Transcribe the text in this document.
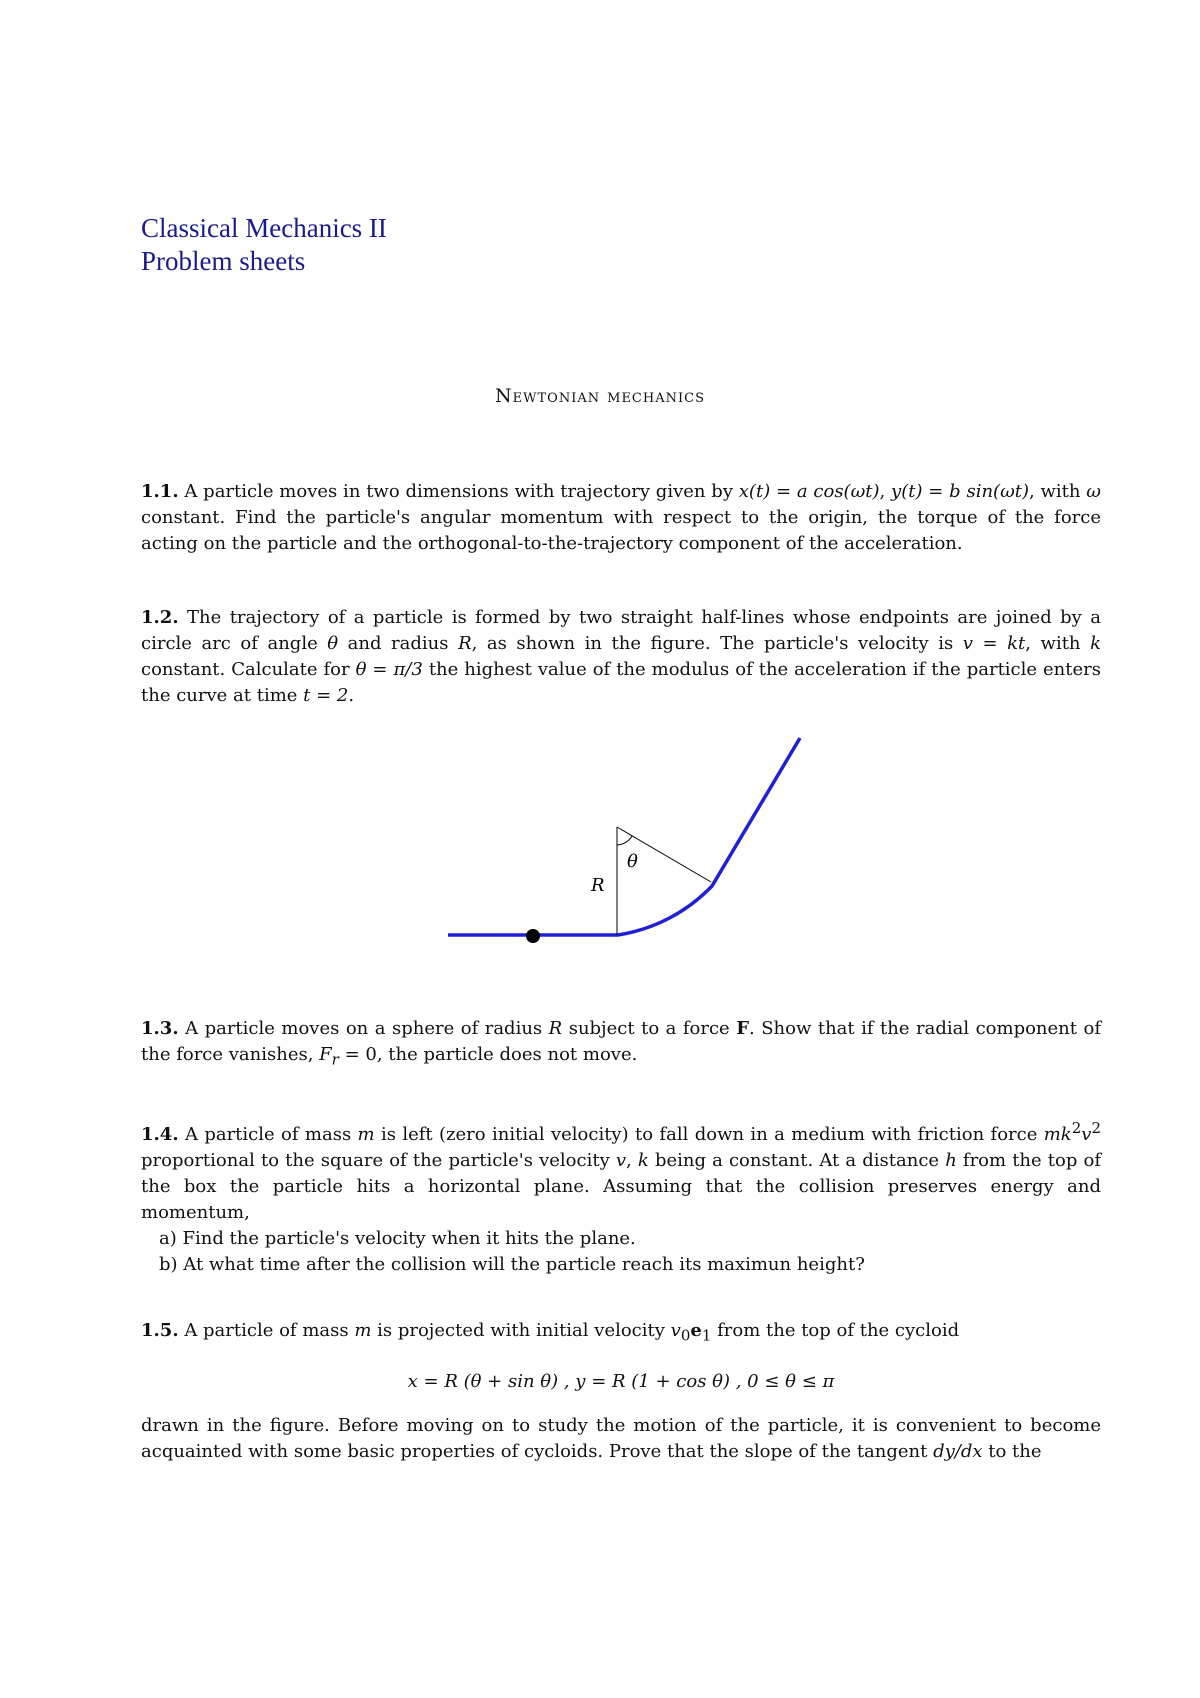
Classical Mechanics II
Problem sheets
Newtonian mechanics

1.1. A particle moves in two dimensions with trajectory given by x(t) = a cos(ωt), y(t) = b sin(ωt), with ω constant. Find the particle's angular momentum with respect to the origin, the torque of the force acting on the particle and the orthogonal-to-the-trajectory component of the acceleration.

1.2. The trajectory of a particle is formed by two straight half-lines whose endpoints are joined by a circle arc of angle θ and radius R, as shown in the figure. The particle's velocity is v = kt, with k constant. Calculate for θ = π/3 the highest value of the modulus of the acceleration if the particle enters the curve at time t = 2.

θ
R

1.3. A particle moves on a sphere of radius R subject to a force F. Show that if the radial component of the force vanishes, $F_r = 0$, the particle does not move.

1.4. A particle of mass m is left (zero initial velocity) to fall down in a medium with friction force $mk^2v^2$ proportional to the square of the particle's velocity v, k being a constant. At a distance h from the top of the box the particle hits a horizontal plane. Assuming that the collision preserves energy and momentum,

a) Find the particle's velocity when it hits the plane.

b) At what time after the collision will the particle reach its maximun height?

1.5. A particle of mass m is projected with initial velocity $v_0e_1$ from the top of the cycloid

x = R (θ + sin θ) , y = R (1 + cos θ) , 0 ≤ θ ≤ π

drawn in the figure. Before moving on to study the motion of the particle, it is convenient to become acquainted with some basic properties of cycloids. Prove that the slope of the tangent dy/dx to the
